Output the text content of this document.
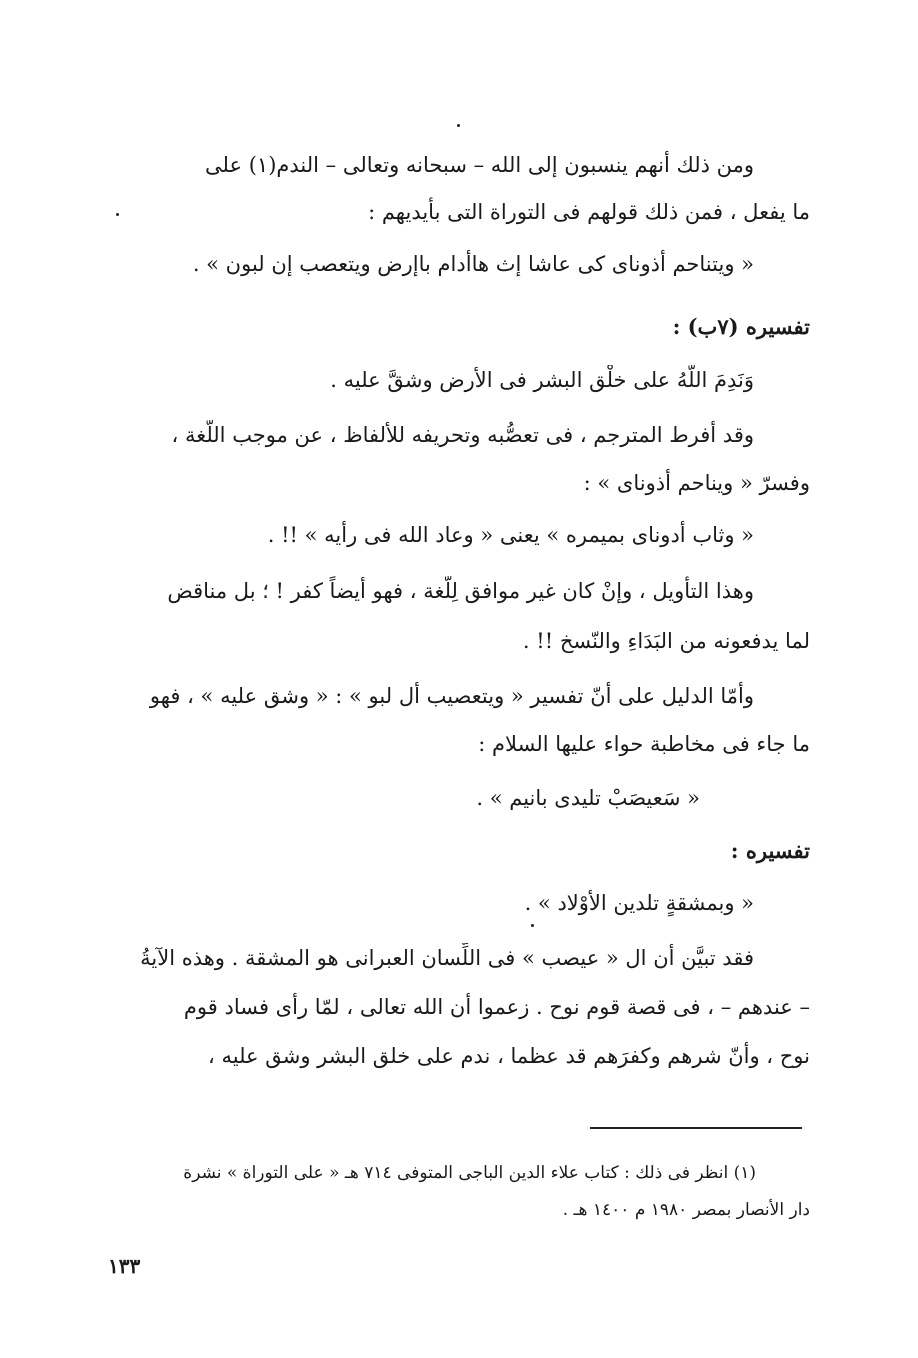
ومن ذلك أنهم ينسبون إلى الله – سبحانه وتعالى – الندم(١) على
ما يفعل ، فمن ذلك قولهم فى التوراة التى بأيديهم :
« ويتناحم أذوناى كى عاشا إث هاأدام باإرض ويتعصب إن لبون » .
تفسيره (٧ب) :
وَنَدِمَ اللّهُ على خلْق البشر فى الأرض وشقَّ عليه .
وقد أفرط المترجم ، فى تعصُّبه وتحريفه للألفاظ ، عن موجب اللُّغة ،
وفسرّ « ويناحم أذوناى » :
« وثاب أدوناى بميمره » يعنى « وعاد الله فى رأيه » !! .
وهذا التأويل ، وإنْ كان غير موافق لِلُّغة ، فهو أيضاً كفر ! ؛ بل مناقض
لما يدفعونه من البَدَاءِ والنّسخ !! .
وأمّا الدليل على أنّ تفسير « ويتعصيب أل لبو » : « وشق عليه » ، فهو
ما جاء فى مخاطبة حواء عليها السلام :
« سَعيصَبْ تليدى بانيم » .
تفسيره :
« وبمشقةٍ تلدين الأوْلاد » .
فقد تبيَّن أن ال « عيصب » فى اللِّسان العبرانى هو المشقة . وهذه الآيةُ
– عندهم – ، فى قصة قوم نوح . زعموا أن الله تعالى ، لمّا رأى فساد قوم
نوح ، وأنّ شرهم وكفرَهم قد عظما ، ندم على خلق البشر وشق عليه ،
(١) انظر فى ذلك : كتاب علاء الدين الباجى المتوفى ٧١٤ هـ « على التوراة » نشرة
دار الأنصار بمصر ١٩٨٠ م ١٤٠٠ هـ .
١٣٣
